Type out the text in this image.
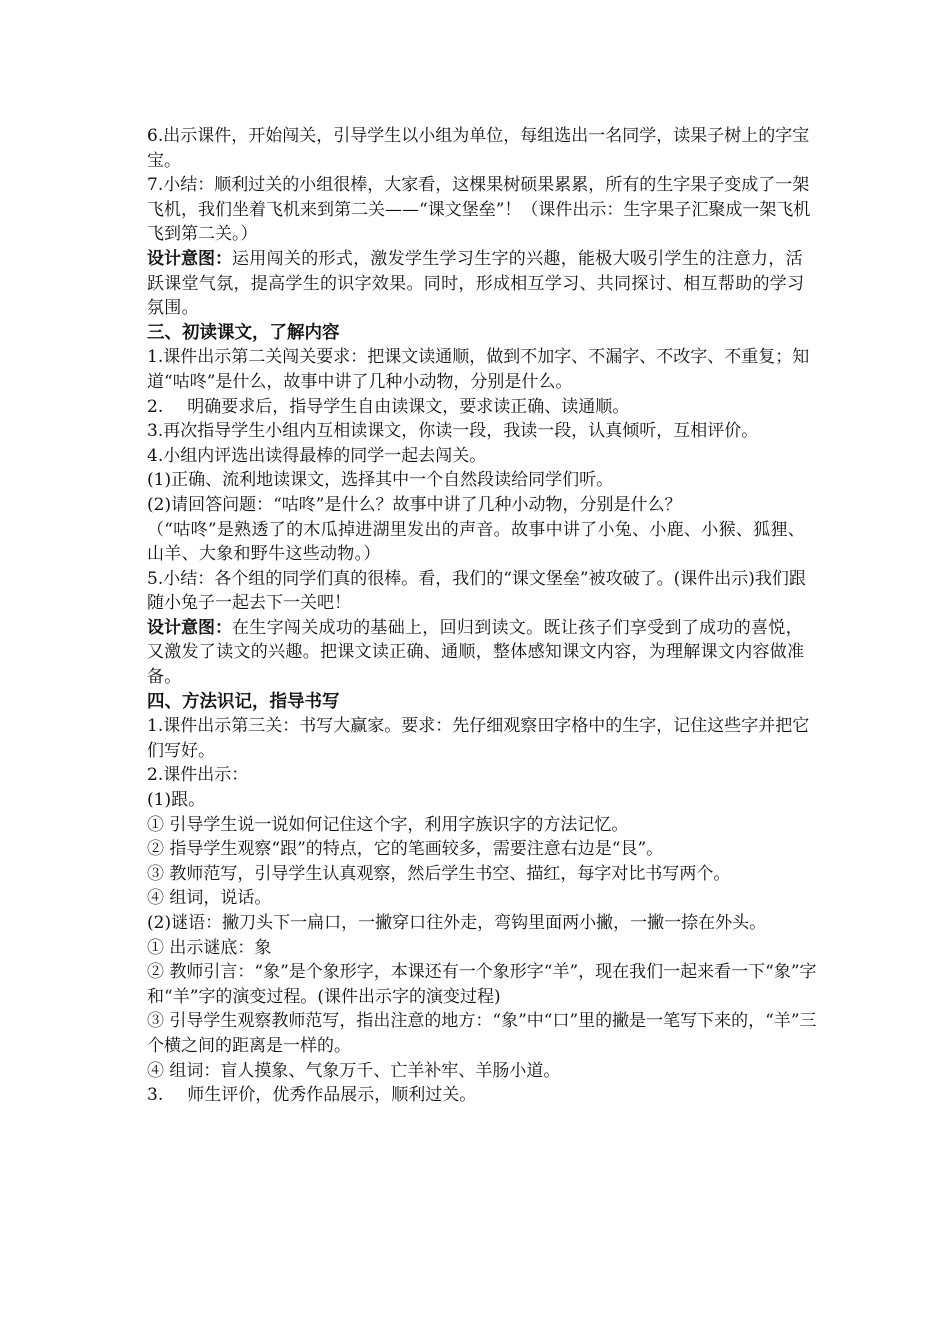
6.出示课件，开始闯关，引导学生以小组为单位，每组选出一名同学，读果子树上的字宝宝。

7.小结：顺利过关的小组很棒，大家看，这棵果树硕果累累，所有的生字果子变成了一架飞机，我们坐着飞机来到第二关——“课文堡垒”！（课件出示：生字果子汇聚成一架飞机飞到第二关。）

设计意图：运用闯关的形式，激发学生学习生字的兴趣，能极大吸引学生的注意力，活跃课堂气氛，提高学生的识字效果。同时，形成相互学习、共同探讨、相互帮助的学习氛围。

三、初读课文，了解内容

1.课件出示第二关闯关要求：把课文读通顺，做到不加字、不漏字、不改字、不重复；知道“咕咚”是什么，故事中讲了几种小动物，分别是什么。

2. 明确要求后，指导学生自由读课文，要求读正确、读通顺。

3.再次指导学生小组内互相读课文，你读一段，我读一段，认真倾听，互相评价。

4.小组内评选出读得最棒的同学一起去闯关。

(1)正确、流利地读课文，选择其中一个自然段读给同学们听。

(2)请回答问题：“咕咚”是什么？故事中讲了几种小动物，分别是什么？

（“咕咚”是熟透了的木瓜掉进湖里发出的声音。故事中讲了小兔、小鹿、小猴、狐狸、山羊、大象和野牛这些动物。）

5.小结：各个组的同学们真的很棒。看，我们的“课文堡垒”被攻破了。(课件出示)我们跟随小兔子一起去下一关吧！

设计意图：在生字闯关成功的基础上，回归到读文。既让孩子们享受到了成功的喜悦，又激发了读文的兴趣。把课文读正确、通顺，整体感知课文内容，为理解课文内容做准备。

四、方法识记，指导书写

1.课件出示第三关：书写大赢家。要求：先仔细观察田字格中的生字，记住这些字并把它们写好。

2.课件出示：

(1)跟。

① 引导学生说一说如何记住这个字，利用字族识字的方法记忆。

② 指导学生观察“跟”的特点，它的笔画较多，需要注意右边是“艮”。

③ 教师范写，引导学生认真观察，然后学生书空、描红，每字对比书写两个。

④ 组词，说话。

(2)谜语：撇刀头下一扁口，一撇穿口往外走，弯钩里面两小撇，一撇一捺在外头。

① 出示谜底：象

② 教师引言：“象”是个象形字，本课还有一个象形字“羊”，现在我们一起来看一下“象”字和“羊”字的演变过程。(课件出示字的演变过程)

③ 引导学生观察教师范写，指出注意的地方：“象”中“口”里的撇是一笔写下来的，“羊”三个横之间的距离是一样的。

④ 组词：盲人摸象、气象万千、亡羊补牢、羊肠小道。

3. 师生评价，优秀作品展示，顺利过关。
